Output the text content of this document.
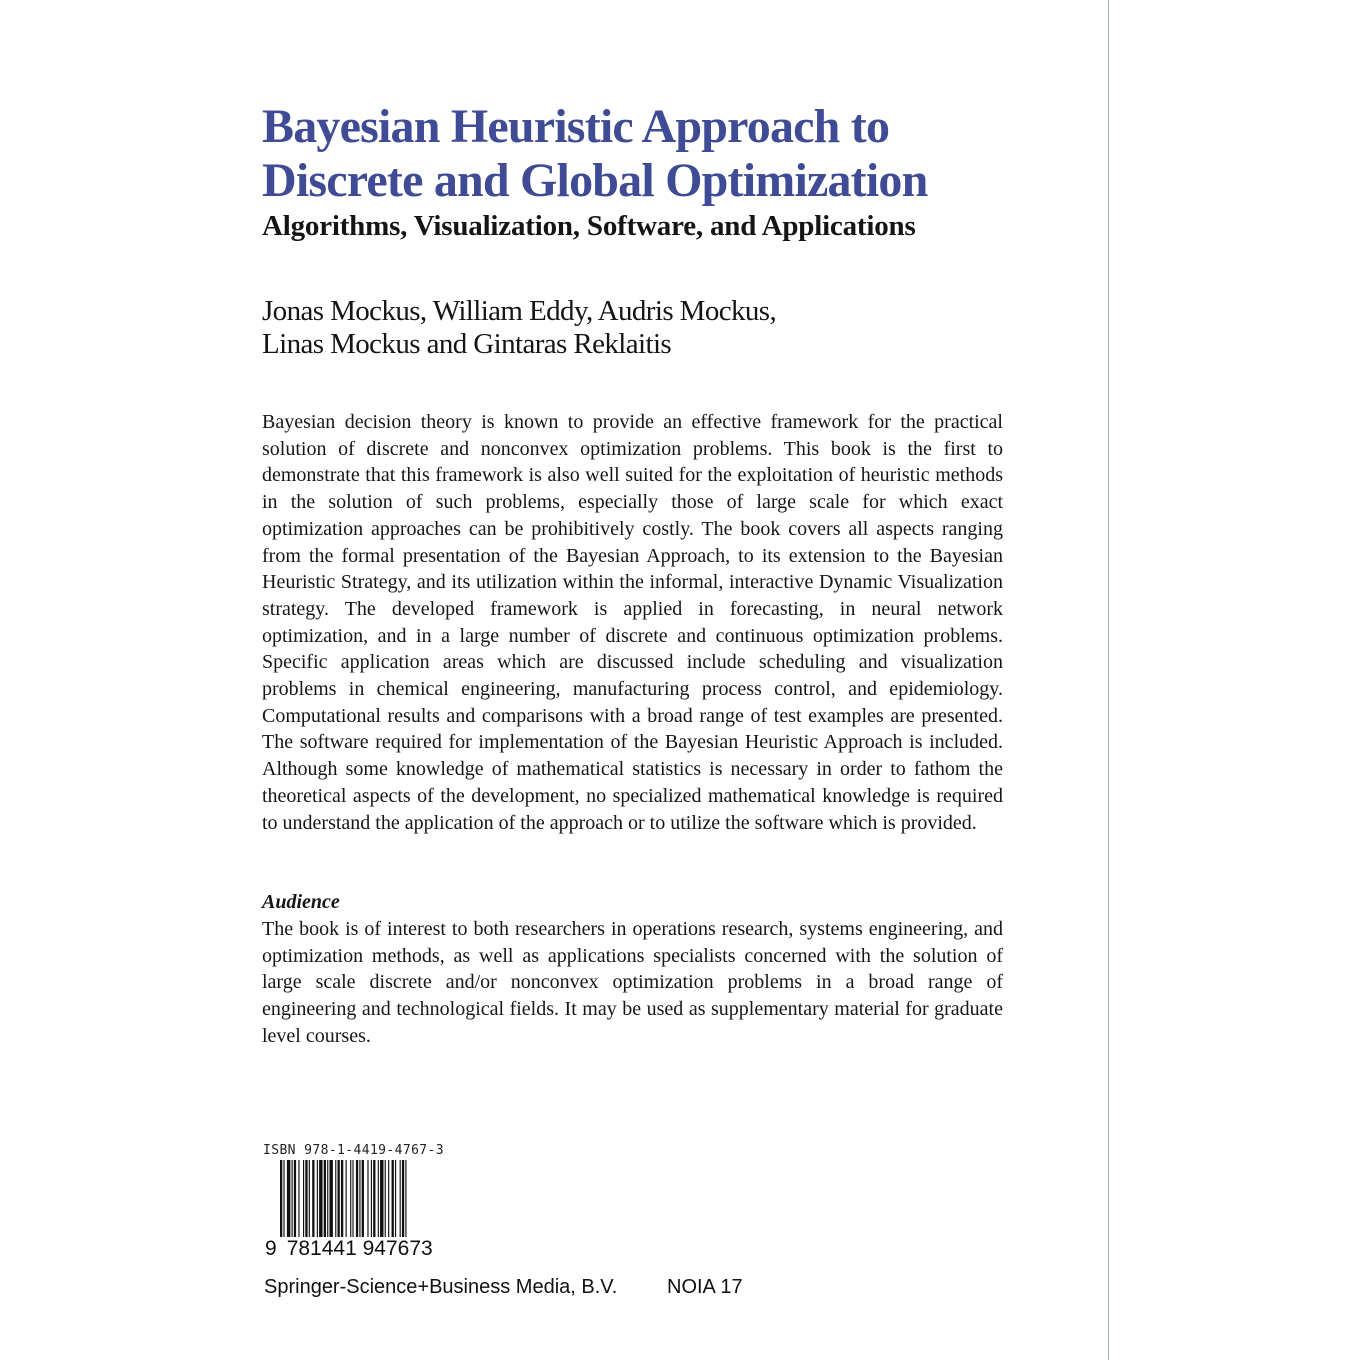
Bayesian Heuristic Approach to
Discrete and Global Optimization
Algorithms, Visualization, Software, and Applications
Jonas Mockus, William Eddy, Audris Mockus,
Linas Mockus and Gintaras Reklaitis

Bayesian decision theory is known to provide an effective framework for the practical solution of discrete and nonconvex optimization problems. This book is the first to demonstrate that this framework is also well suited for the exploitation of heuristic methods in the solution of such problems, especially those of large scale for which exact optimization approaches can be prohibitively costly. The book covers all aspects ranging from the formal presentation of the Bayesian Approach, to its extension to the Bayesian Heuristic Strategy, and its utilization within the informal, interactive Dynamic Visualization strategy. The developed framework is applied in forecasting, in neural network optimization, and in a large number of discrete and continuous optimization problems. Specific application areas which are discussed include scheduling and visualization problems in chemical engineering, manufacturing process control, and epidemiology. Computational results and comparisons with a broad range of test examples are presented. The software required for implementation of the Bayesian Heuristic Approach is included. Although some knowledge of mathematical statistics is necessary in order to fathom the theoretical aspects of the development, no specialized mathematical knowledge is required to understand the application of the approach or to utilize the software which is provided.

Audience

The book is of interest to both researchers in operations research, systems engineering, and optimization methods, as well as applications specialists concerned with the solution of large scale discrete and/or nonconvex optimization problems in a broad range of engineering and technological fields. It may be used as supplementary material for graduate level courses.

ISBN 978-1-4419-4767-3
9 781441 947673
Springer-Science+Business Media, B.V. NOIA 17
